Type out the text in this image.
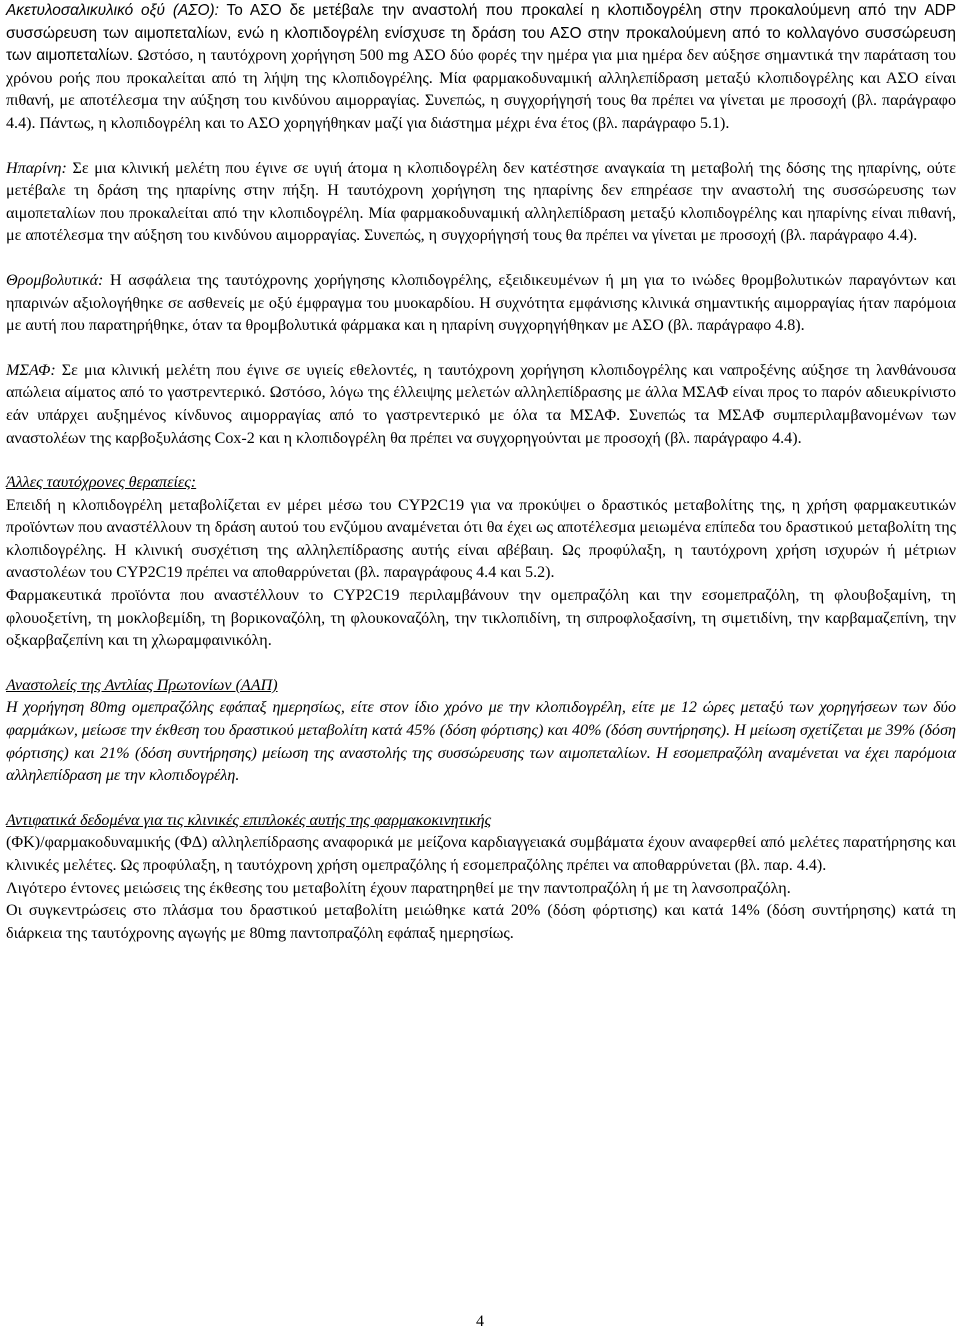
Ακετυλοσαλικυλικό οξύ (ΑΣΟ): Το ΑΣΟ δε μετέβαλε την αναστολή που προκαλεί η κλοπιδογρέλη στην προκαλούμενη από την ADP συσσώρευση των αιμοπεταλίων, ενώ η κλοπιδογρέλη ενίσχυσε τη δράση του ΑΣΟ στην προκαλούμενη από το κολλαγόνο συσσώρευση των αιμοπεταλίων. Ωστόσο, η ταυτόχρονη χορήγηση 500 mg ΑΣΟ δύο φορές την ημέρα για μια ημέρα δεν αύξησε σημαντικά την παράταση του χρόνου ροής που προκαλείται από τη λήψη της κλοπιδογρέλης. Μία φαρμακοδυναμική αλληλεπίδραση μεταξύ κλοπιδογρέλης και ΑΣΟ είναι πιθανή, με αποτέλεσμα την αύξηση του κινδύνου αιμορραγίας. Συνεπώς, η συγχορήγησή τους θα πρέπει να γίνεται με προσοχή (βλ. παράγραφο 4.4). Πάντως, η κλοπιδογρέλη και το ΑΣΟ χορηγήθηκαν μαζί για διάστημα μέχρι ένα έτος (βλ. παράγραφο 5.1).

Ηπαρίνη: Σε μια κλινική μελέτη που έγινε σε υγιή άτομα η κλοπιδογρέλη δεν κατέστησε αναγκαία τη μεταβολή της δόσης της ηπαρίνης, ούτε μετέβαλε τη δράση της ηπαρίνης στην πήξη. Η ταυτόχρονη χορήγηση της ηπαρίνης δεν επηρέασε την αναστολή της συσσώρευσης των αιμοπεταλίων που προκαλείται από την κλοπιδογρέλη. Μία φαρμακοδυναμική αλληλεπίδραση μεταξύ κλοπιδογρέλης και ηπαρίνης είναι πιθανή, με αποτέλεσμα την αύξηση του κινδύνου αιμορραγίας. Συνεπώς, η συγχορήγησή τους θα πρέπει να γίνεται με προσοχή (βλ. παράγραφο 4.4).

Θρομβολυτικά: Η ασφάλεια της ταυτόχρονης χορήγησης κλοπιδογρέλης, εξειδικευμένων ή μη για το ινώδες θρομβολυτικών παραγόντων και ηπαρινών αξιολογήθηκε σε ασθενείς με οξύ έμφραγμα του μυοκαρδίου. Η συχνότητα εμφάνισης κλινικά σημαντικής αιμορραγίας ήταν παρόμοια με αυτή που παρατηρήθηκε, όταν τα θρομβολυτικά φάρμακα και η ηπαρίνη συγχορηγήθηκαν με ΑΣΟ (βλ. παράγραφο 4.8).

ΜΣΑΦ: Σε μια κλινική μελέτη που έγινε σε υγιείς εθελοντές, η ταυτόχρονη χορήγηση κλοπιδογρέλης και ναπροξένης αύξησε τη λανθάνουσα απώλεια αίματος από το γαστρεντερικό. Ωστόσο, λόγω της έλλειψης μελετών αλληλεπίδρασης με άλλα ΜΣΑΦ είναι προς το παρόν αδιευκρίνιστο εάν υπάρχει αυξημένος κίνδυνος αιμορραγίας από το γαστρεντερικό με όλα τα ΜΣΑΦ. Συνεπώς τα ΜΣΑΦ συμπεριλαμβανομένων των αναστολέων της καρβοξυλάσης Cox-2 και η κλοπιδογρέλη θα πρέπει να συγχορηγούνται με προσοχή (βλ. παράγραφο 4.4).

Άλλες ταυτόχρονες θεραπείες:

Επειδή η κλοπιδογρέλη μεταβολίζεται εν μέρει μέσω του CYP2C19 για να προκύψει ο δραστικός μεταβολίτης της, η χρήση φαρμακευτικών προϊόντων που αναστέλλουν τη δράση αυτού του ενζύμου αναμένεται ότι θα έχει ως αποτέλεσμα μειωμένα επίπεδα του δραστικού μεταβολίτη της κλοπιδογρέλης. Η κλινική συσχέτιση της αλληλεπίδρασης αυτής είναι αβέβαιη. Ως προφύλαξη, η ταυτόχρονη χρήση ισχυρών ή μέτριων αναστολέων του CYP2C19 πρέπει να αποθαρρύνεται (βλ. παραγράφους 4.4 και 5.2).

Φαρμακευτικά προϊόντα που αναστέλλουν το CYP2C19 περιλαμβάνουν την ομεπραζόλη και την εσομεπραζόλη, τη φλουβοξαμίνη, τη φλουοξετίνη, τη μοκλοβεμίδη, τη βορικοναζόλη, τη φλουκοναζόλη, την τικλοπιδίνη, τη σιπροφλοξασίνη, τη σιμετιδίνη, την καρβαμαζεπίνη, την οξκαρβαζεπίνη και τη χλωραμφαινικόλη.

Αναστολείς της Αντλίας Πρωτονίων (ΑΑΠ)

Η χορήγηση 80mg ομεπραζόλης εφάπαξ ημερησίως, είτε στον ίδιο χρόνο με την κλοπιδογρέλη, είτε με 12 ώρες μεταξύ των χορηγήσεων των δύο φαρμάκων, μείωσε την έκθεση του δραστικού μεταβολίτη κατά 45% (δόση φόρτισης) και 40% (δόση συντήρησης). Η μείωση σχετίζεται με 39% (δόση φόρτισης) και 21% (δόση συντήρησης) μείωση της αναστολής της συσσώρευσης των αιμοπεταλίων. Η εσομεπραζόλη αναμένεται να έχει παρόμοια αλληλεπίδραση με την κλοπιδογρέλη.

Αντιφατικά δεδομένα για τις κλινικές επιπλοκές αυτής της φαρμακοκινητικής

(ΦΚ)/φαρμακοδυναμικής (ΦΔ) αλληλεπίδρασης αναφορικά με μείζονα καρδιαγγειακά συμβάματα έχουν αναφερθεί από μελέτες παρατήρησης και κλινικές μελέτες. Ως προφύλαξη, η ταυτόχρονη χρήση ομεπραζόλης ή εσομεπραζόλης πρέπει να αποθαρρύνεται (βλ. παρ. 4.4).

Λιγότερο έντονες μειώσεις της έκθεσης του μεταβολίτη έχουν παρατηρηθεί με την παντοπραζόλη ή με τη λανσοπραζόλη.

Οι συγκεντρώσεις στο πλάσμα του δραστικού μεταβολίτη μειώθηκε κατά 20% (δόση φόρτισης) και κατά 14% (δόση συντήρησης) κατά τη διάρκεια της ταυτόχρονης αγωγής με 80mg παντοπραζόλη εφάπαξ ημερησίως.

4
